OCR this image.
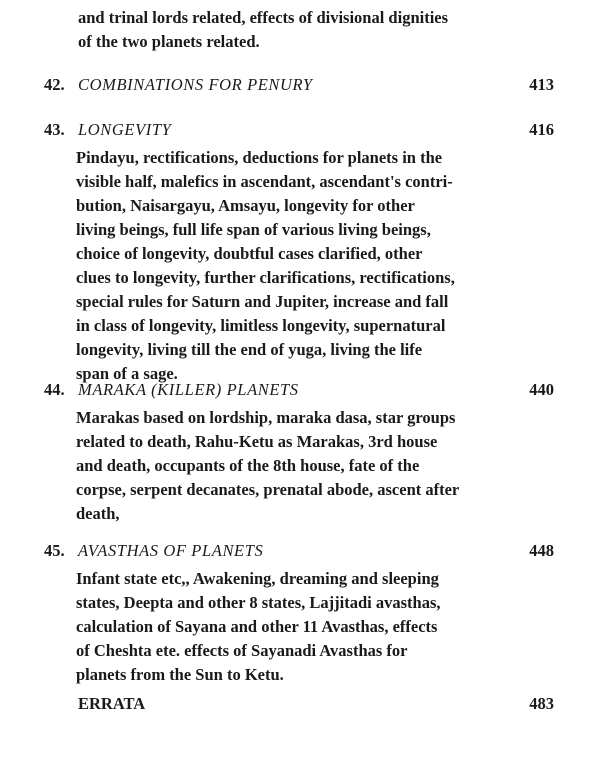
and trinal lords related, effects of divisional dignities
of the two planets related.
42. COMBINATIONS FOR PENURY	413
43. LONGEVITY	416
Pindayu, rectifications, deductions for planets in the
visible half, malefics in ascendant, ascendant's contri-
bution, Naisargayu, Amsayu, longevity for other
living beings, full life span of various living beings,
choice of longevity, doubtful cases clarified, other
clues to longevity, further clarifications, rectifications,
special rules for Saturn and Jupiter, increase and fall
in class of longevity, limitless longevity, supernatural
longevity, living till the end of yuga, living the life
span of a sage.
44. MARAKA (KILLER) PLANETS	440
Marakas based on lordship, maraka dasa, star groups
related to death, Rahu-Ketu as Marakas, 3rd house
and death, occupants of the 8th house, fate of the
corpse, serpent decanates, prenatal abode, ascent after
death,
45. AVASTHAS OF PLANETS	448
Infant state etc,, Awakening, dreaming and sleeping
states, Deepta and other 8 states, Lajjitadi avasthas,
calculation of Sayana and other 11 Avasthas, effects
of Cheshta ete. effects of Sayanadi Avasthas for
planets from the Sun to Ketu.
ERRATA	483
